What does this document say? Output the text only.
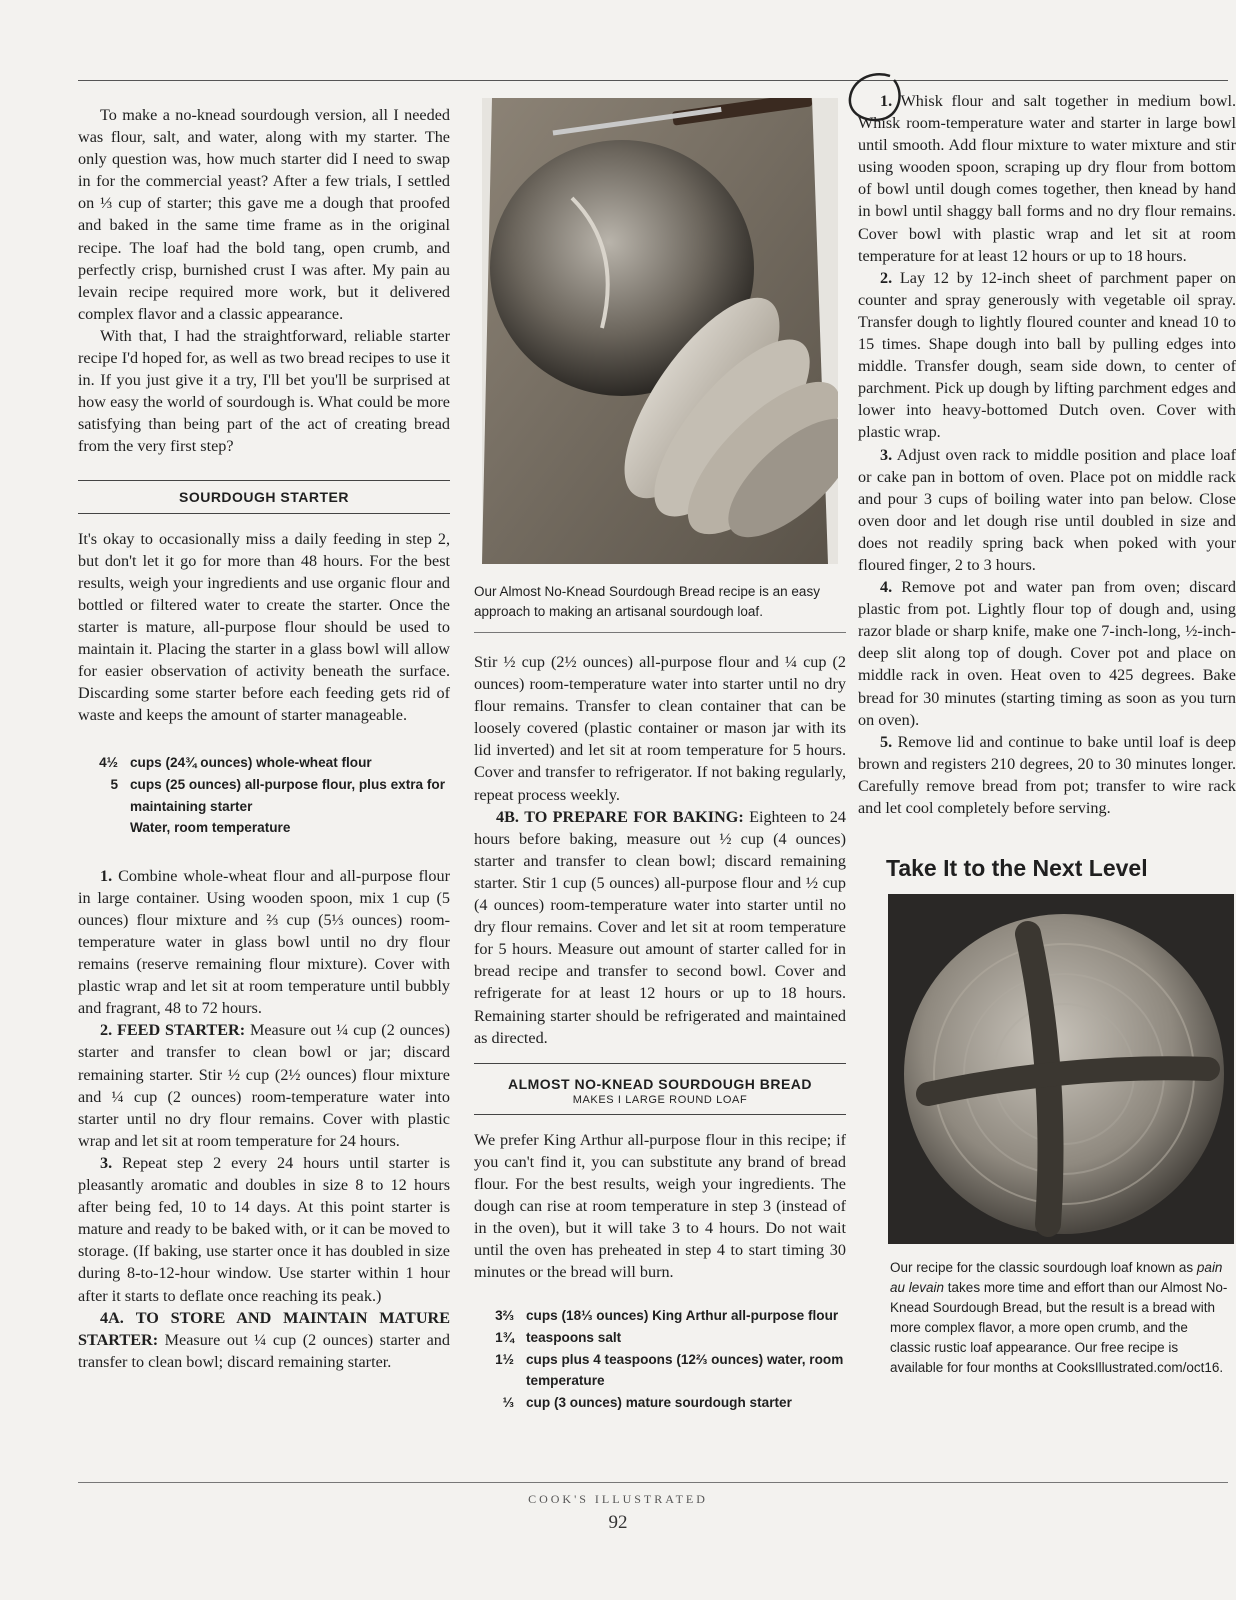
To make a no-knead sourdough version, all I needed was flour, salt, and water, along with my starter. The only question was, how much starter did I need to swap in for the commercial yeast? After a few trials, I settled on ⅓ cup of starter; this gave me a dough that proofed and baked in the same time frame as in the original recipe. The loaf had the bold tang, open crumb, and perfectly crisp, burnished crust I was after. My pain au levain recipe required more work, but it delivered complex flavor and a classic appearance.

With that, I had the straightforward, reliable starter recipe I'd hoped for, as well as two bread recipes to use it in. If you just give it a try, I'll bet you'll be surprised at how easy the world of sourdough is. What could be more satisfying than being part of the act of creating bread from the very first step?

SOURDOUGH STARTER

It's okay to occasionally miss a daily feeding in step 2, but don't let it go for more than 48 hours. For the best results, weigh your ingredients and use organic flour and bottled or filtered water to create the starter. Once the starter is mature, all-purpose flour should be used to maintain it. Placing the starter in a glass bowl will allow for easier observation of activity beneath the surface. Discarding some starter before each feeding gets rid of waste and keeps the amount of starter manageable.

4½ cups (24¾ ounces) whole-wheat flour
5 cups (25 ounces) all-purpose flour, plus extra for maintaining starter
Water, room temperature

1. Combine whole-wheat flour and all-purpose flour in large container. Using wooden spoon, mix 1 cup (5 ounces) flour mixture and ⅔ cup (5⅓ ounces) room-temperature water in glass bowl until no dry flour remains (reserve remaining flour mixture). Cover with plastic wrap and let sit at room temperature until bubbly and fragrant, 48 to 72 hours.

2. FEED STARTER: Measure out ¼ cup (2 ounces) starter and transfer to clean bowl or jar; discard remaining starter. Stir ½ cup (2½ ounces) flour mixture and ¼ cup (2 ounces) room-temperature water into starter until no dry flour remains. Cover with plastic wrap and let sit at room temperature for 24 hours.

3. Repeat step 2 every 24 hours until starter is pleasantly aromatic and doubles in size 8 to 12 hours after being fed, 10 to 14 days. At this point starter is mature and ready to be baked with, or it can be moved to storage. (If baking, use starter once it has doubled in size during 8-to-12-hour window. Use starter within 1 hour after it starts to deflate once reaching its peak.)

4A. TO STORE AND MAINTAIN MATURE STARTER: Measure out ¼ cup (2 ounces) starter and transfer to clean bowl; discard remaining starter.

Our Almost No-Knead Sourdough Bread recipe is an easy approach to making an artisanal sourdough loaf.

Stir ½ cup (2½ ounces) all-purpose flour and ¼ cup (2 ounces) room-temperature water into starter until no dry flour remains. Transfer to clean container that can be loosely covered (plastic container or mason jar with its lid inverted) and let sit at room temperature for 5 hours. Cover and transfer to refrigerator. If not baking regularly, repeat process weekly.

4B. TO PREPARE FOR BAKING: Eighteen to 24 hours before baking, measure out ½ cup (4 ounces) starter and transfer to clean bowl; discard remaining starter. Stir 1 cup (5 ounces) all-purpose flour and ½ cup (4 ounces) room-temperature water into starter until no dry flour remains. Cover and let sit at room temperature for 5 hours. Measure out amount of starter called for in bread recipe and transfer to second bowl. Cover and refrigerate for at least 12 hours or up to 18 hours. Remaining starter should be refrigerated and maintained as directed.

ALMOST NO-KNEAD SOURDOUGH BREAD
MAKES I LARGE ROUND LOAF

We prefer King Arthur all-purpose flour in this recipe; if you can't find it, you can substitute any brand of bread flour. For the best results, weigh your ingredients. The dough can rise at room temperature in step 3 (instead of in the oven), but it will take 3 to 4 hours. Do not wait until the oven has preheated in step 4 to start timing 30 minutes or the bread will burn.

3⅔ cups (18⅓ ounces) King Arthur all-purpose flour
1¾ teaspoons salt
1½ cups plus 4 teaspoons (12⅔ ounces) water, room temperature
⅓ cup (3 ounces) mature sourdough starter

1. Whisk flour and salt together in medium bowl. Whisk room-temperature water and starter in large bowl until smooth. Add flour mixture to water mixture and stir using wooden spoon, scraping up dry flour from bottom of bowl until dough comes together, then knead by hand in bowl until shaggy ball forms and no dry flour remains. Cover bowl with plastic wrap and let sit at room temperature for at least 12 hours or up to 18 hours.

2. Lay 12 by 12-inch sheet of parchment paper on counter and spray generously with vegetable oil spray. Transfer dough to lightly floured counter and knead 10 to 15 times. Shape dough into ball by pulling edges into middle. Transfer dough, seam side down, to center of parchment. Pick up dough by lifting parchment edges and lower into heavy-bottomed Dutch oven. Cover with plastic wrap.

3. Adjust oven rack to middle position and place loaf or cake pan in bottom of oven. Place pot on middle rack and pour 3 cups of boiling water into pan below. Close oven door and let dough rise until doubled in size and does not readily spring back when poked with your floured finger, 2 to 3 hours.

4. Remove pot and water pan from oven; discard plastic from pot. Lightly flour top of dough and, using razor blade or sharp knife, make one 7-inch-long, ½-inch-deep slit along top of dough. Cover pot and place on middle rack in oven. Heat oven to 425 degrees. Bake bread for 30 minutes (starting timing as soon as you turn on oven).

5. Remove lid and continue to bake until loaf is deep brown and registers 210 degrees, 20 to 30 minutes longer. Carefully remove bread from pot; transfer to wire rack and let cool completely before serving.

Take It to the Next Level

Our recipe for the classic sourdough loaf known as pain au levain takes more time and effort than our Almost No-Knead Sourdough Bread, but the result is a bread with more complex flavor, a more open crumb, and the classic rustic loaf appearance. Our free recipe is available for four months at CooksIllustrated.com/oct16.

COOK'S ILLUSTRATED
92
